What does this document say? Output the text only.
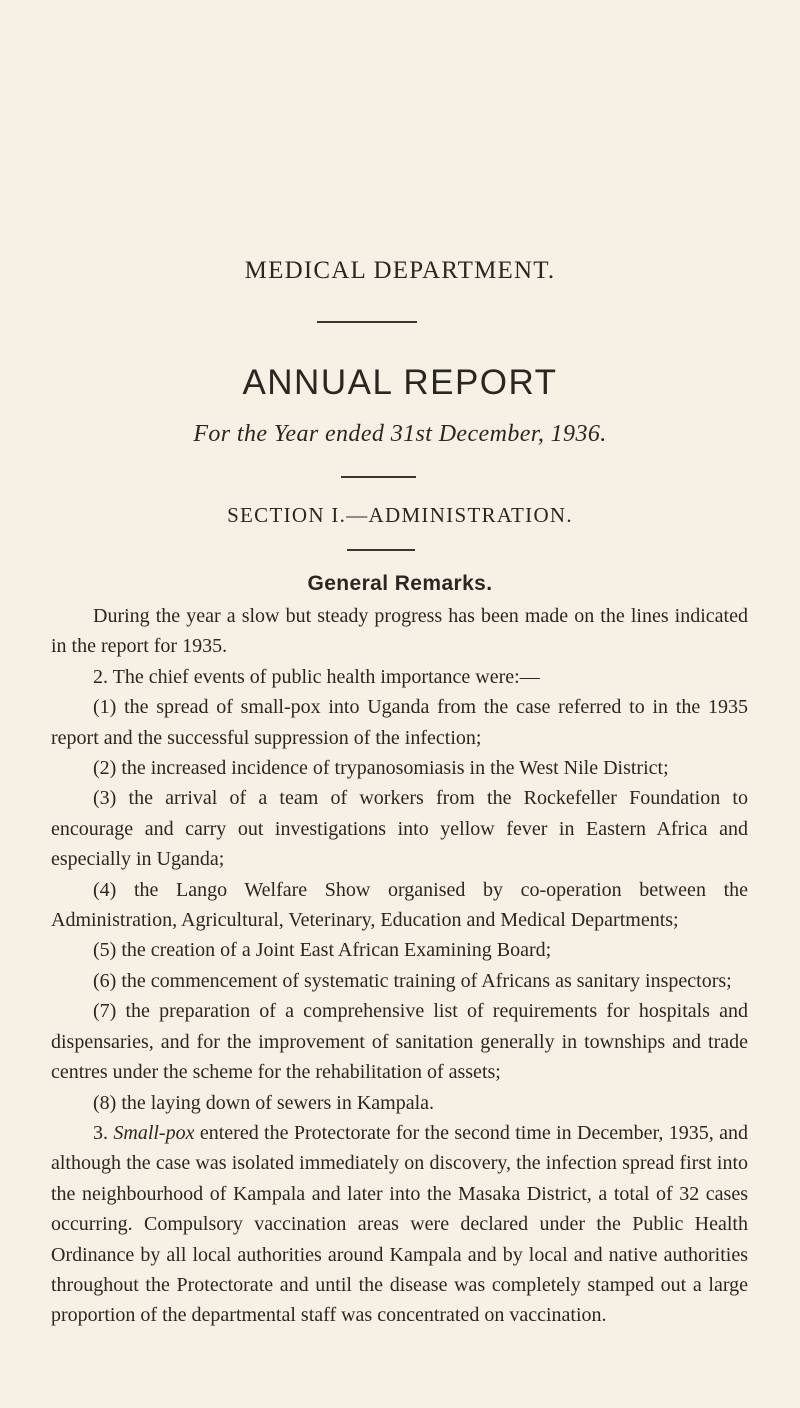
MEDICAL DEPARTMENT.
ANNUAL REPORT

For the Year ended 31st December, 1936.

SECTION I.—ADMINISTRATION.
General Remarks.

During the year a slow but steady progress has been made on the lines indicated in the report for 1935.

2. The chief events of public health importance were:—

(1) the spread of small-pox into Uganda from the case referred to in the 1935 report and the successful suppression of the infection;

(2) the increased incidence of trypanosomiasis in the West Nile District;

(3) the arrival of a team of workers from the Rockefeller Foundation to encourage and carry out investigations into yellow fever in Eastern Africa and especially in Uganda;

(4) the Lango Welfare Show organised by co-operation between the Administration, Agricultural, Veterinary, Education and Medical Departments;

(5) the creation of a Joint East African Examining Board;

(6) the commencement of systematic training of Africans as sanitary inspectors;

(7) the preparation of a comprehensive list of requirements for hospitals and dispensaries, and for the improvement of sanitation generally in townships and trade centres under the scheme for the rehabilitation of assets;

(8) the laying down of sewers in Kampala.

3. Small-pox entered the Protectorate for the second time in December, 1935, and although the case was isolated immediately on discovery, the infection spread first into the neighbourhood of Kampala and later into the Masaka District, a total of 32 cases occurring. Compulsory vaccination areas were declared under the Public Health Ordinance by all local authorities around Kampala and by local and native authorities throughout the Protectorate and until the disease was completely stamped out a large proportion of the departmental staff was concentrated on vaccination.
